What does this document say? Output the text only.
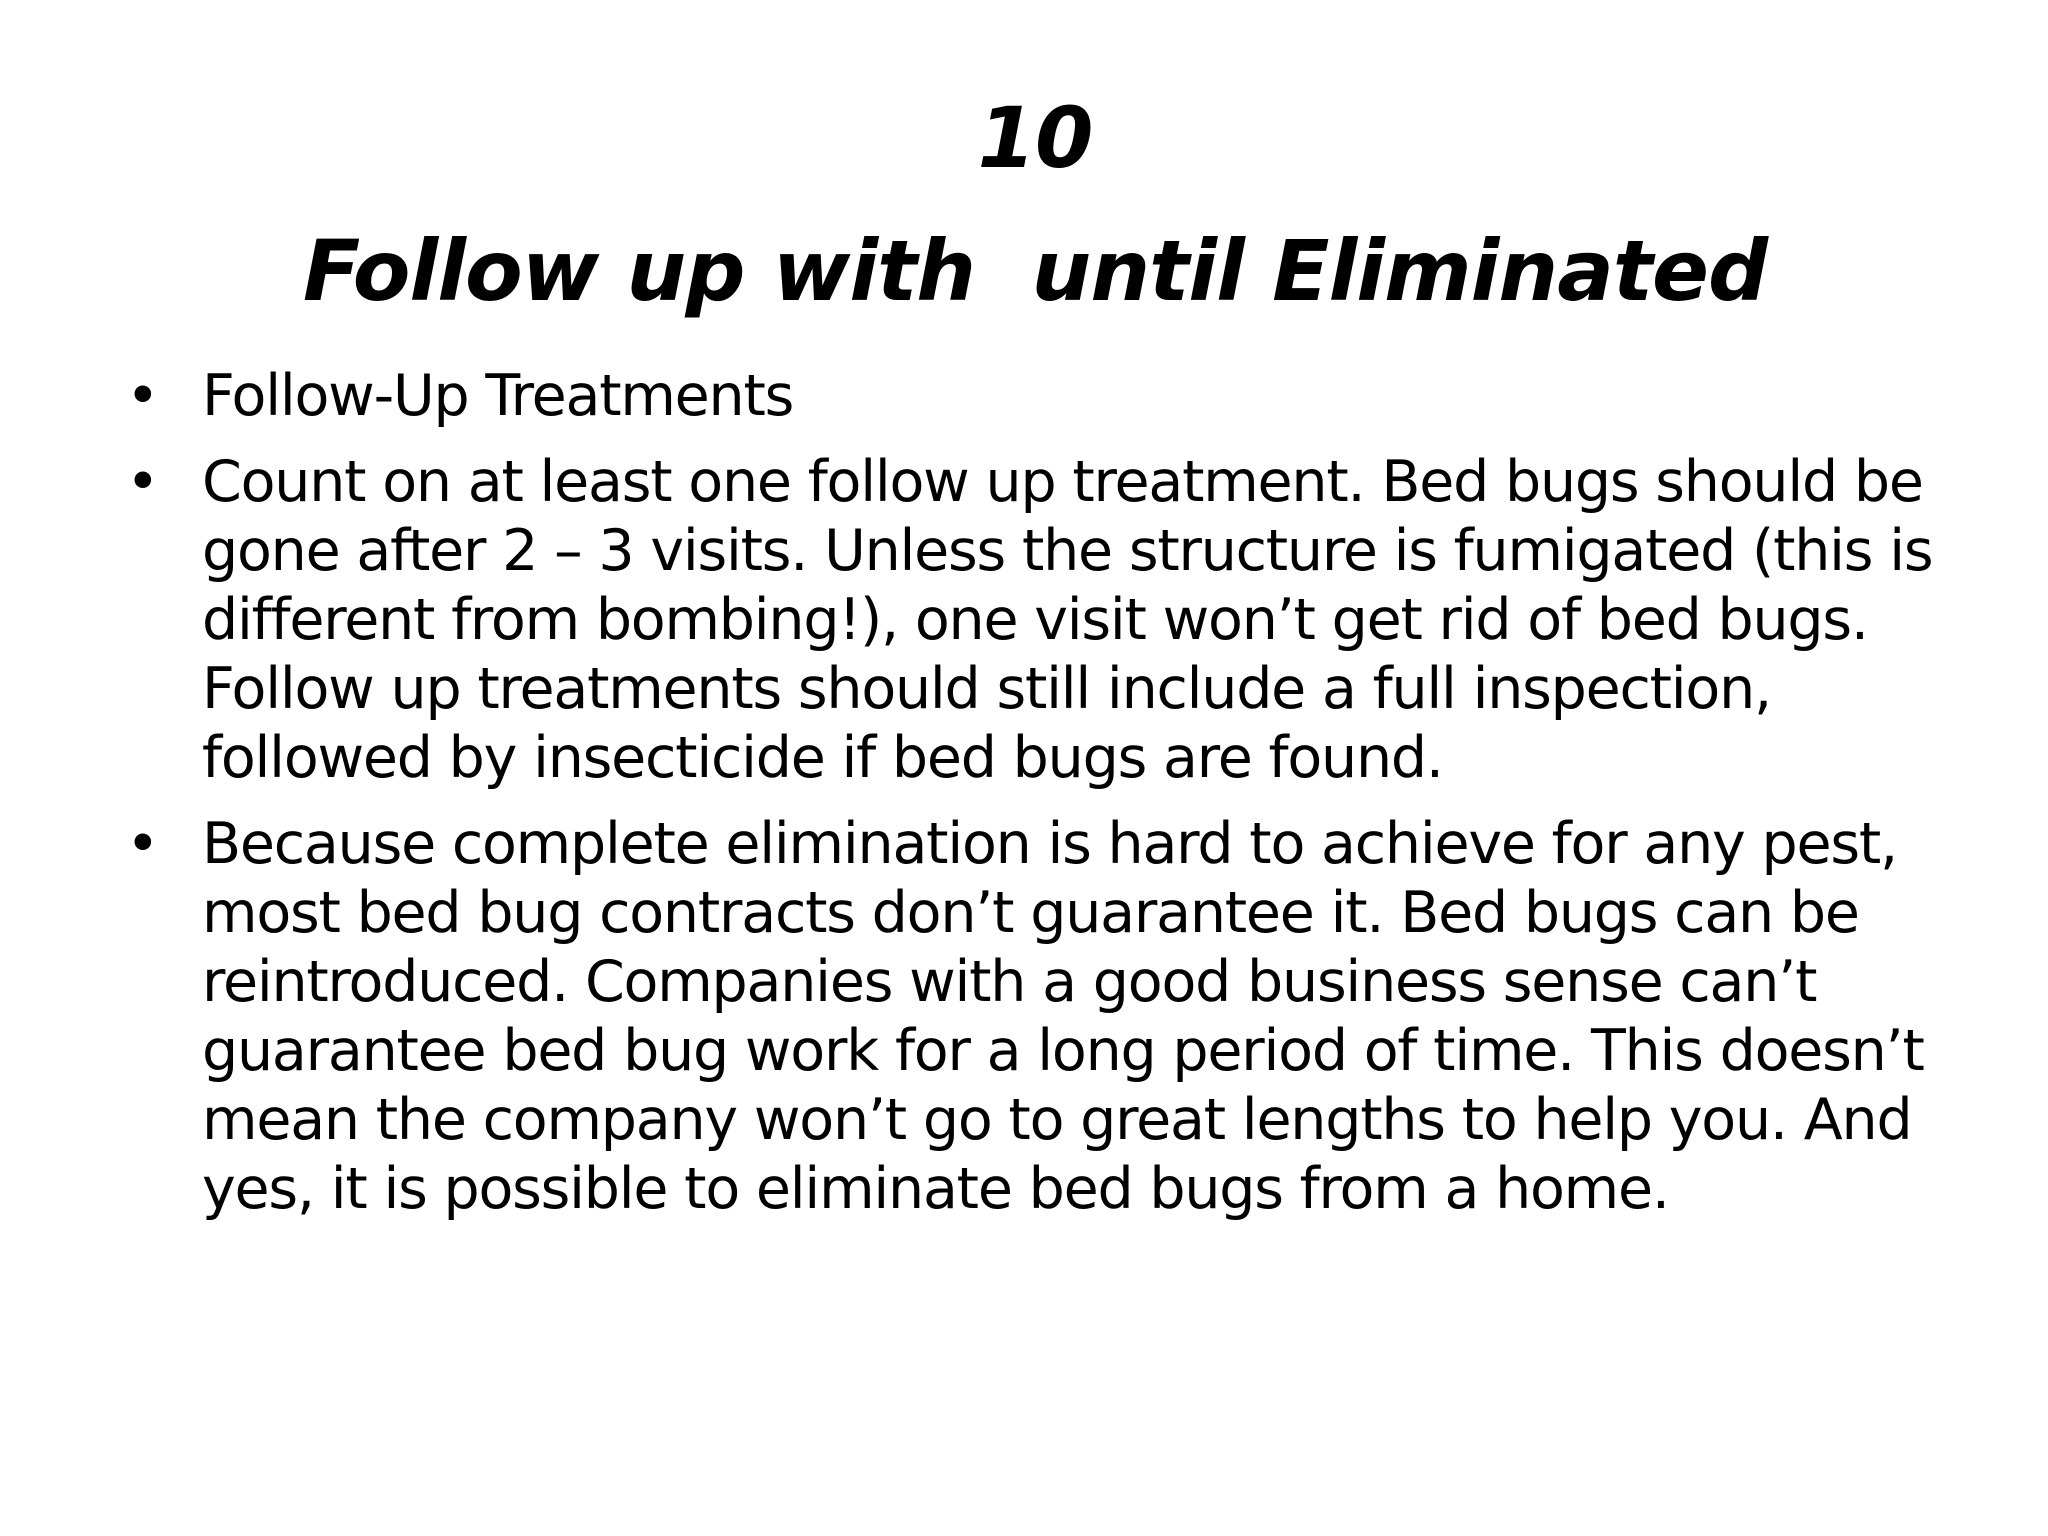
10
Follow up with  until Eliminated
• Follow-Up Treatments
• Count on at least one follow up treatment. Bed bugs should be gone after 2 – 3 visits. Unless the structure is fumigated (this is different from bombing!), one visit won’t get rid of bed bugs. Follow up treatments should still include a full inspection, followed by insecticide if bed bugs are found.
• Because complete elimination is hard to achieve for any pest, most bed bug contracts don’t guarantee it. Bed bugs can be reintroduced. Companies with a good business sense can’t guarantee bed bug work for a long period of time. This doesn’t mean the company won’t go to great lengths to help you. And yes, it is possible to eliminate bed bugs from a home.
